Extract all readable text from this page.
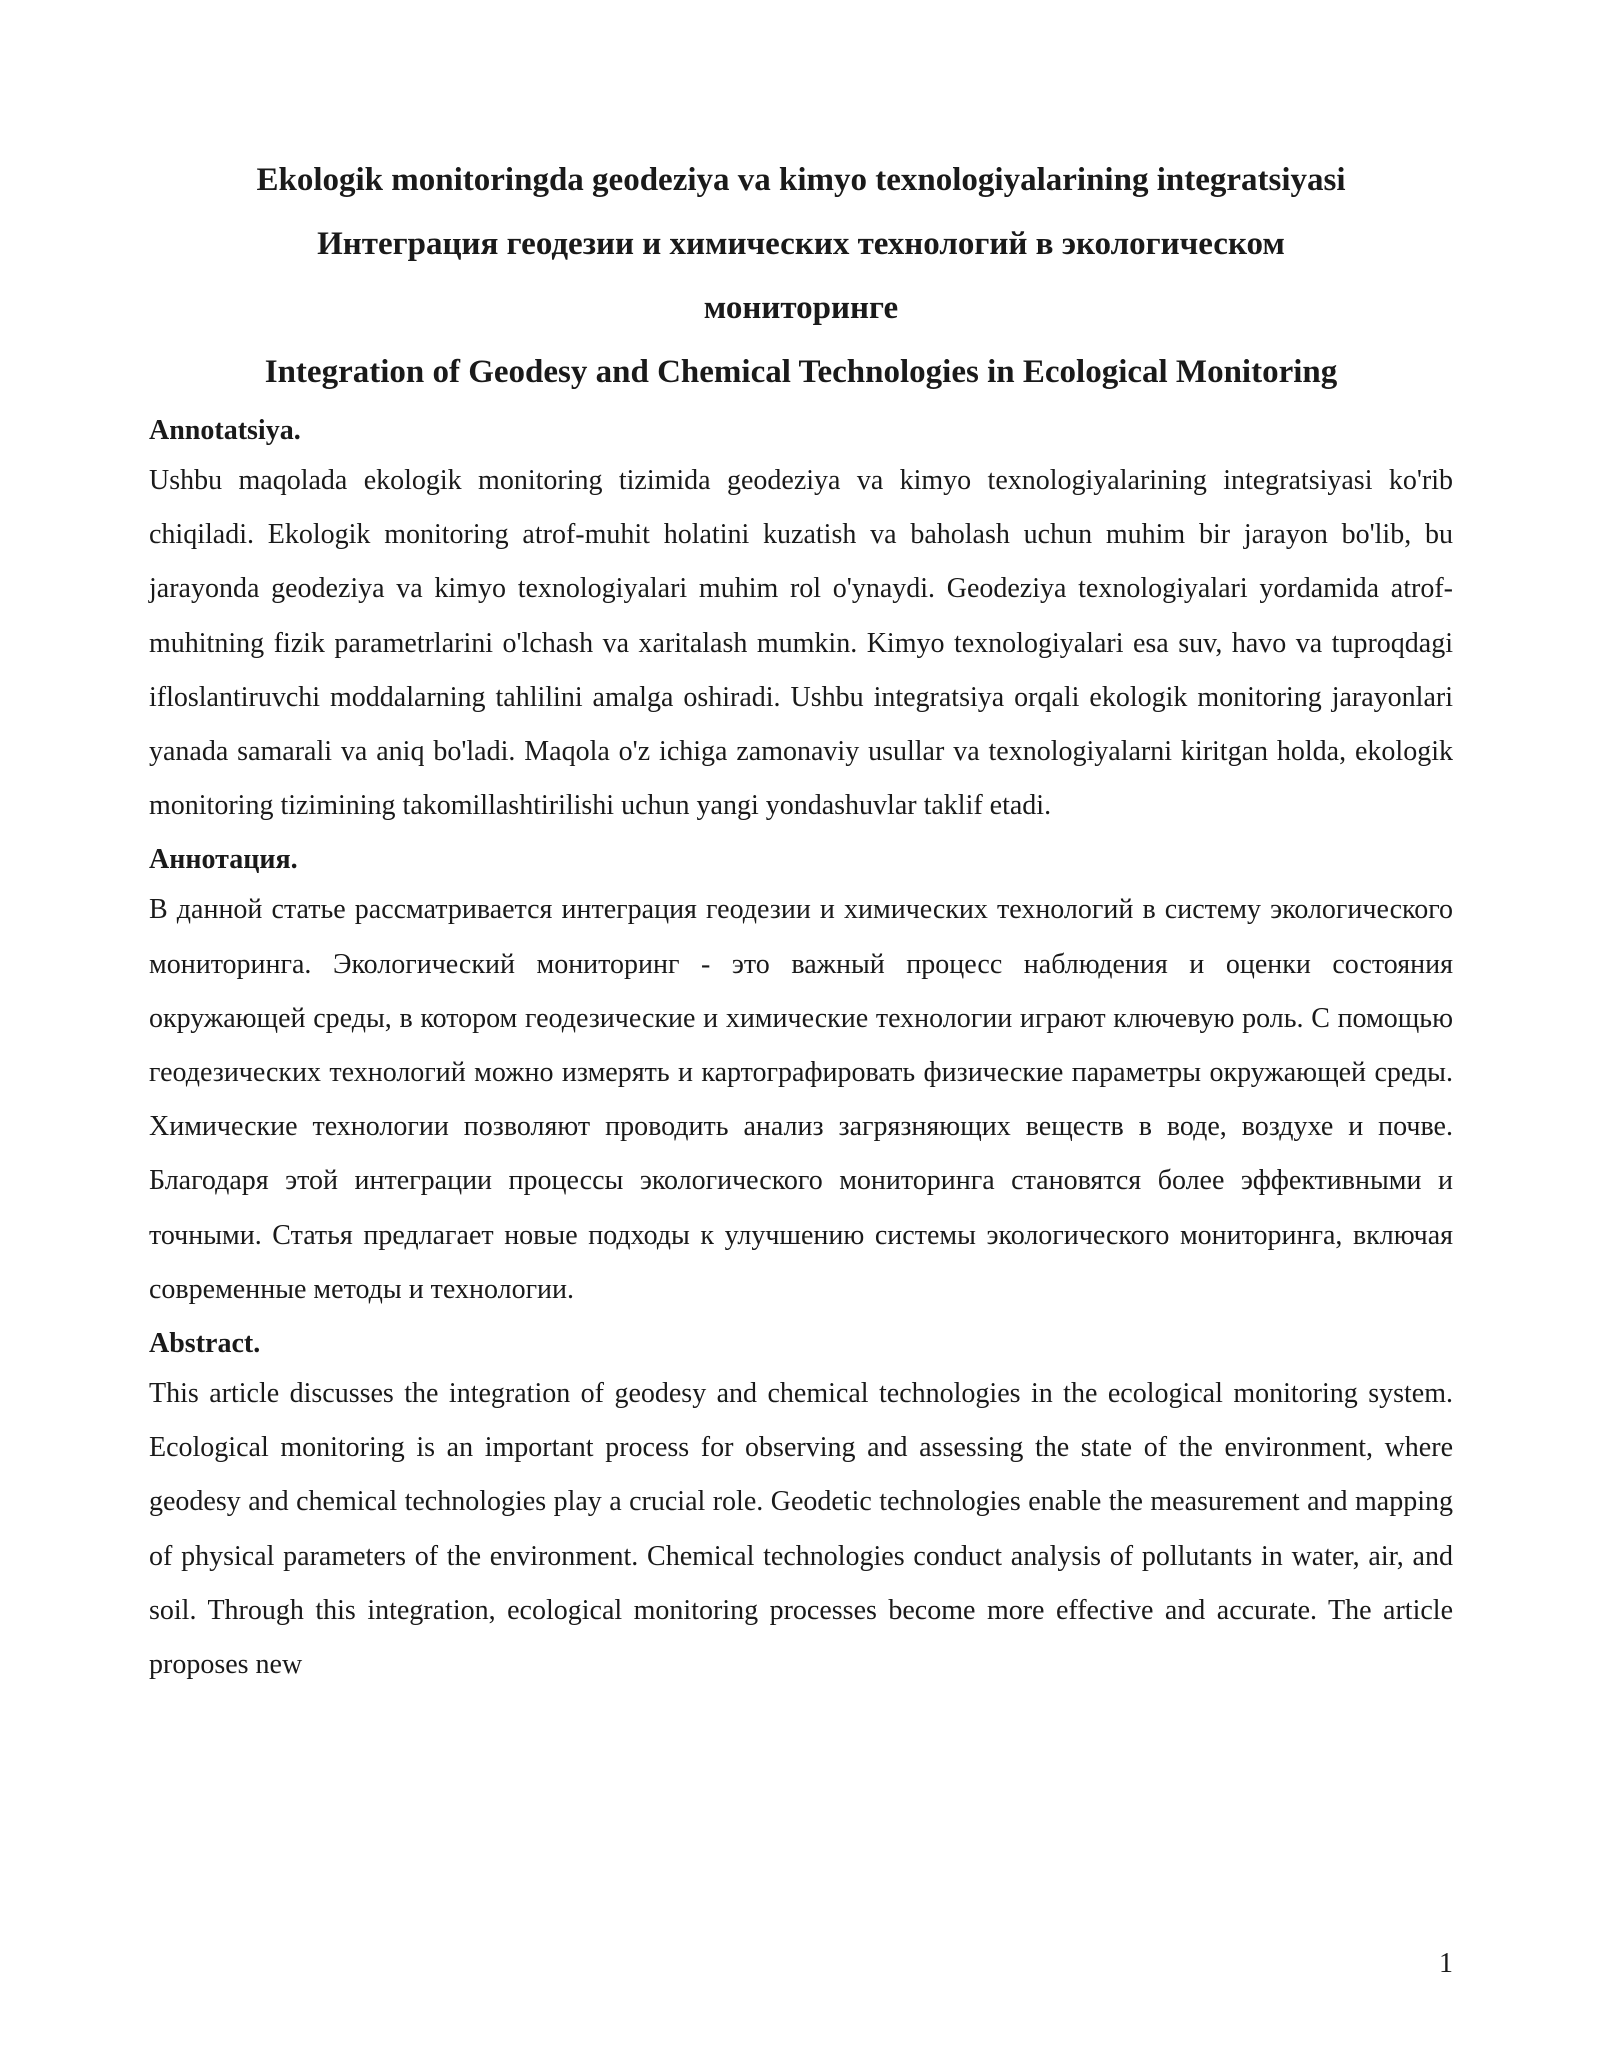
Ekologik monitoringda geodeziya va kimyo texnologiyalarining integratsiyasi
Интеграция геодезии и химических технологий в экологическом мониторинге
Integration of Geodesy and Chemical Technologies in Ecological Monitoring
Annotatsiya.

Ushbu maqolada ekologik monitoring tizimida geodeziya va kimyo texnologiyalarining integratsiyasi ko'rib chiqiladi. Ekologik monitoring atrof-muhit holatini kuzatish va baholash uchun muhim bir jarayon bo'lib, bu jarayonda geodeziya va kimyo texnologiyalari muhim rol o'ynaydi. Geodeziya texnologiyalari yordamida atrof-muhitning fizik parametrlarini o'lchash va xaritalash mumkin. Kimyo texnologiyalari esa suv, havo va tuproqdagi ifloslantiruvchi moddalarning tahlilini amalga oshiradi. Ushbu integratsiya orqali ekologik monitoring jarayonlari yanada samarali va aniq bo'ladi. Maqola o'z ichiga zamonaviy usullar va texnologiyalarni kiritgan holda, ekologik monitoring tizimining takomillashtirilishi uchun yangi yondashuvlar taklif etadi.

Аннотация.

В данной статье рассматривается интеграция геодезии и химических технологий в систему экологического мониторинга. Экологический мониторинг - это важный процесс наблюдения и оценки состояния окружающей среды, в котором геодезические и химические технологии играют ключевую роль. С помощью геодезических технологий можно измерять и картографировать физические параметры окружающей среды. Химические технологии позволяют проводить анализ загрязняющих веществ в воде, воздухе и почве. Благодаря этой интеграции процессы экологического мониторинга становятся более эффективными и точными. Статья предлагает новые подходы к улучшению системы экологического мониторинга, включая современные методы и технологии.

Abstract.

This article discusses the integration of geodesy and chemical technologies in the ecological monitoring system. Ecological monitoring is an important process for observing and assessing the state of the environment, where geodesy and chemical technologies play a crucial role. Geodetic technologies enable the measurement and mapping of physical parameters of the environment. Chemical technologies conduct analysis of pollutants in water, air, and soil. Through this integration, ecological monitoring processes become more effective and accurate. The article proposes new

1
